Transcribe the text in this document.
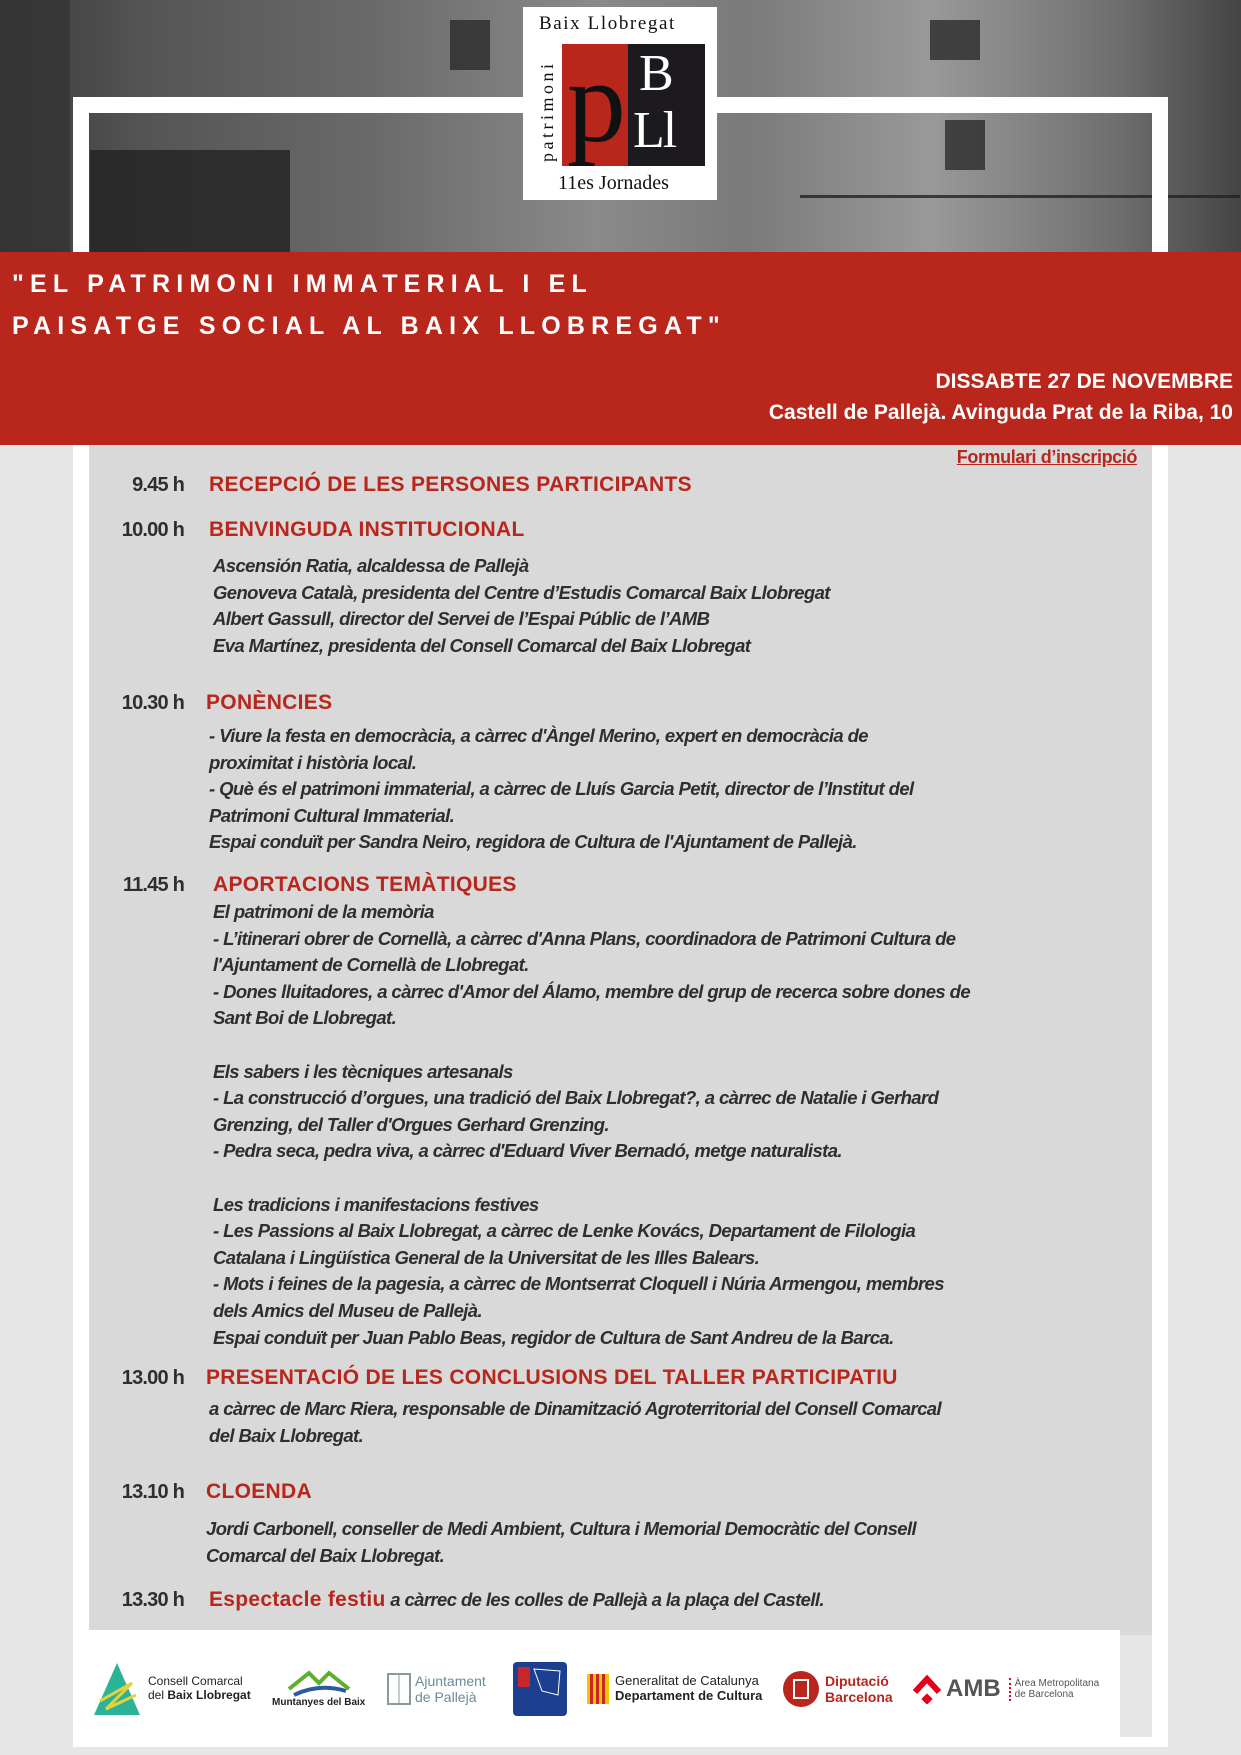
Baix Llobregat
patrimoni p B
Ll
11es Jornades
"EL PATRIMONI IMMATERIAL I EL
PAISATGE SOCIAL AL BAIX LLOBREGAT"
DISSABTE 27 DE NOVEMBRE
Castell de Pallejà. Avinguda Prat de la Riba, 10
Formulari d’inscripció
9.45 h RECEPCIÓ DE LES PERSONES PARTICIPANTS
10.00 h BENVINGUDA INSTITUCIONAL
Ascensión Ratia, alcaldessa de Pallejà
Genoveva Català, presidenta del Centre d’Estudis Comarcal Baix Llobregat
Albert Gassull, director del Servei de l’Espai Públic de l’AMB
Eva Martínez, presidenta del Consell Comarcal del Baix Llobregat
10.30 h PONÈNCIES
- Viure la festa en democràcia, a càrrec d'Àngel Merino, expert en democràcia de
proximitat i història local.
- Què és el patrimoni immaterial, a càrrec de Lluís Garcia Petit, director de l’Institut del
Patrimoni Cultural Immaterial.
Espai conduït per Sandra Neiro, regidora de Cultura de l'Ajuntament de Pallejà.
11.45 h APORTACIONS TEMÀTIQUES
El patrimoni de la memòria
- L’itinerari obrer de Cornellà, a càrrec d'Anna Plans, coordinadora de Patrimoni Cultura de
l'Ajuntament de Cornellà de Llobregat.
- Dones lluitadores, a càrrec d'Amor del Álamo, membre del grup de recerca sobre dones de
Sant Boi de Llobregat.
Els sabers i les tècniques artesanals
- La construcció d’orgues, una tradició del Baix Llobregat?, a càrrec de Natalie i Gerhard
Grenzing, del Taller d'Orgues Gerhard Grenzing.
- Pedra seca, pedra viva, a càrrec d'Eduard Viver Bernadó, metge naturalista.
Les tradicions i manifestacions festives
- Les Passions al Baix Llobregat, a càrrec de Lenke Kovács, Departament de Filologia
Catalana i Lingüística General de la Universitat de les Illes Balears.
- Mots i feines de la pagesia, a càrrec de Montserrat Cloquell i Núria Armengou, membres
dels Amics del Museu de Pallejà.
Espai conduït per Juan Pablo Beas, regidor de Cultura de Sant Andreu de la Barca.
13.00 h PRESENTACIÓ DE LES CONCLUSIONS DEL TALLER PARTICIPATIU
a càrrec de Marc Riera, responsable de Dinamització Agroterritorial del Consell Comarcal
del Baix Llobregat.
13.10 h CLOENDA
Jordi Carbonell, conseller de Medi Ambient, Cultura i Memorial Democràtic del Consell
Comarcal del Baix Llobregat.
13.30 h Espectacle festiu a càrrec de les colles de Pallejà a la plaça del Castell.
Consell Comarcal
del Baix Llobregat
Muntanyes del Baix
Ajuntament
de Pallejà
Generalitat de Catalunya
Departament de Cultura
Diputació
Barcelona AMB Àrea Metropolitana
de Barcelona
